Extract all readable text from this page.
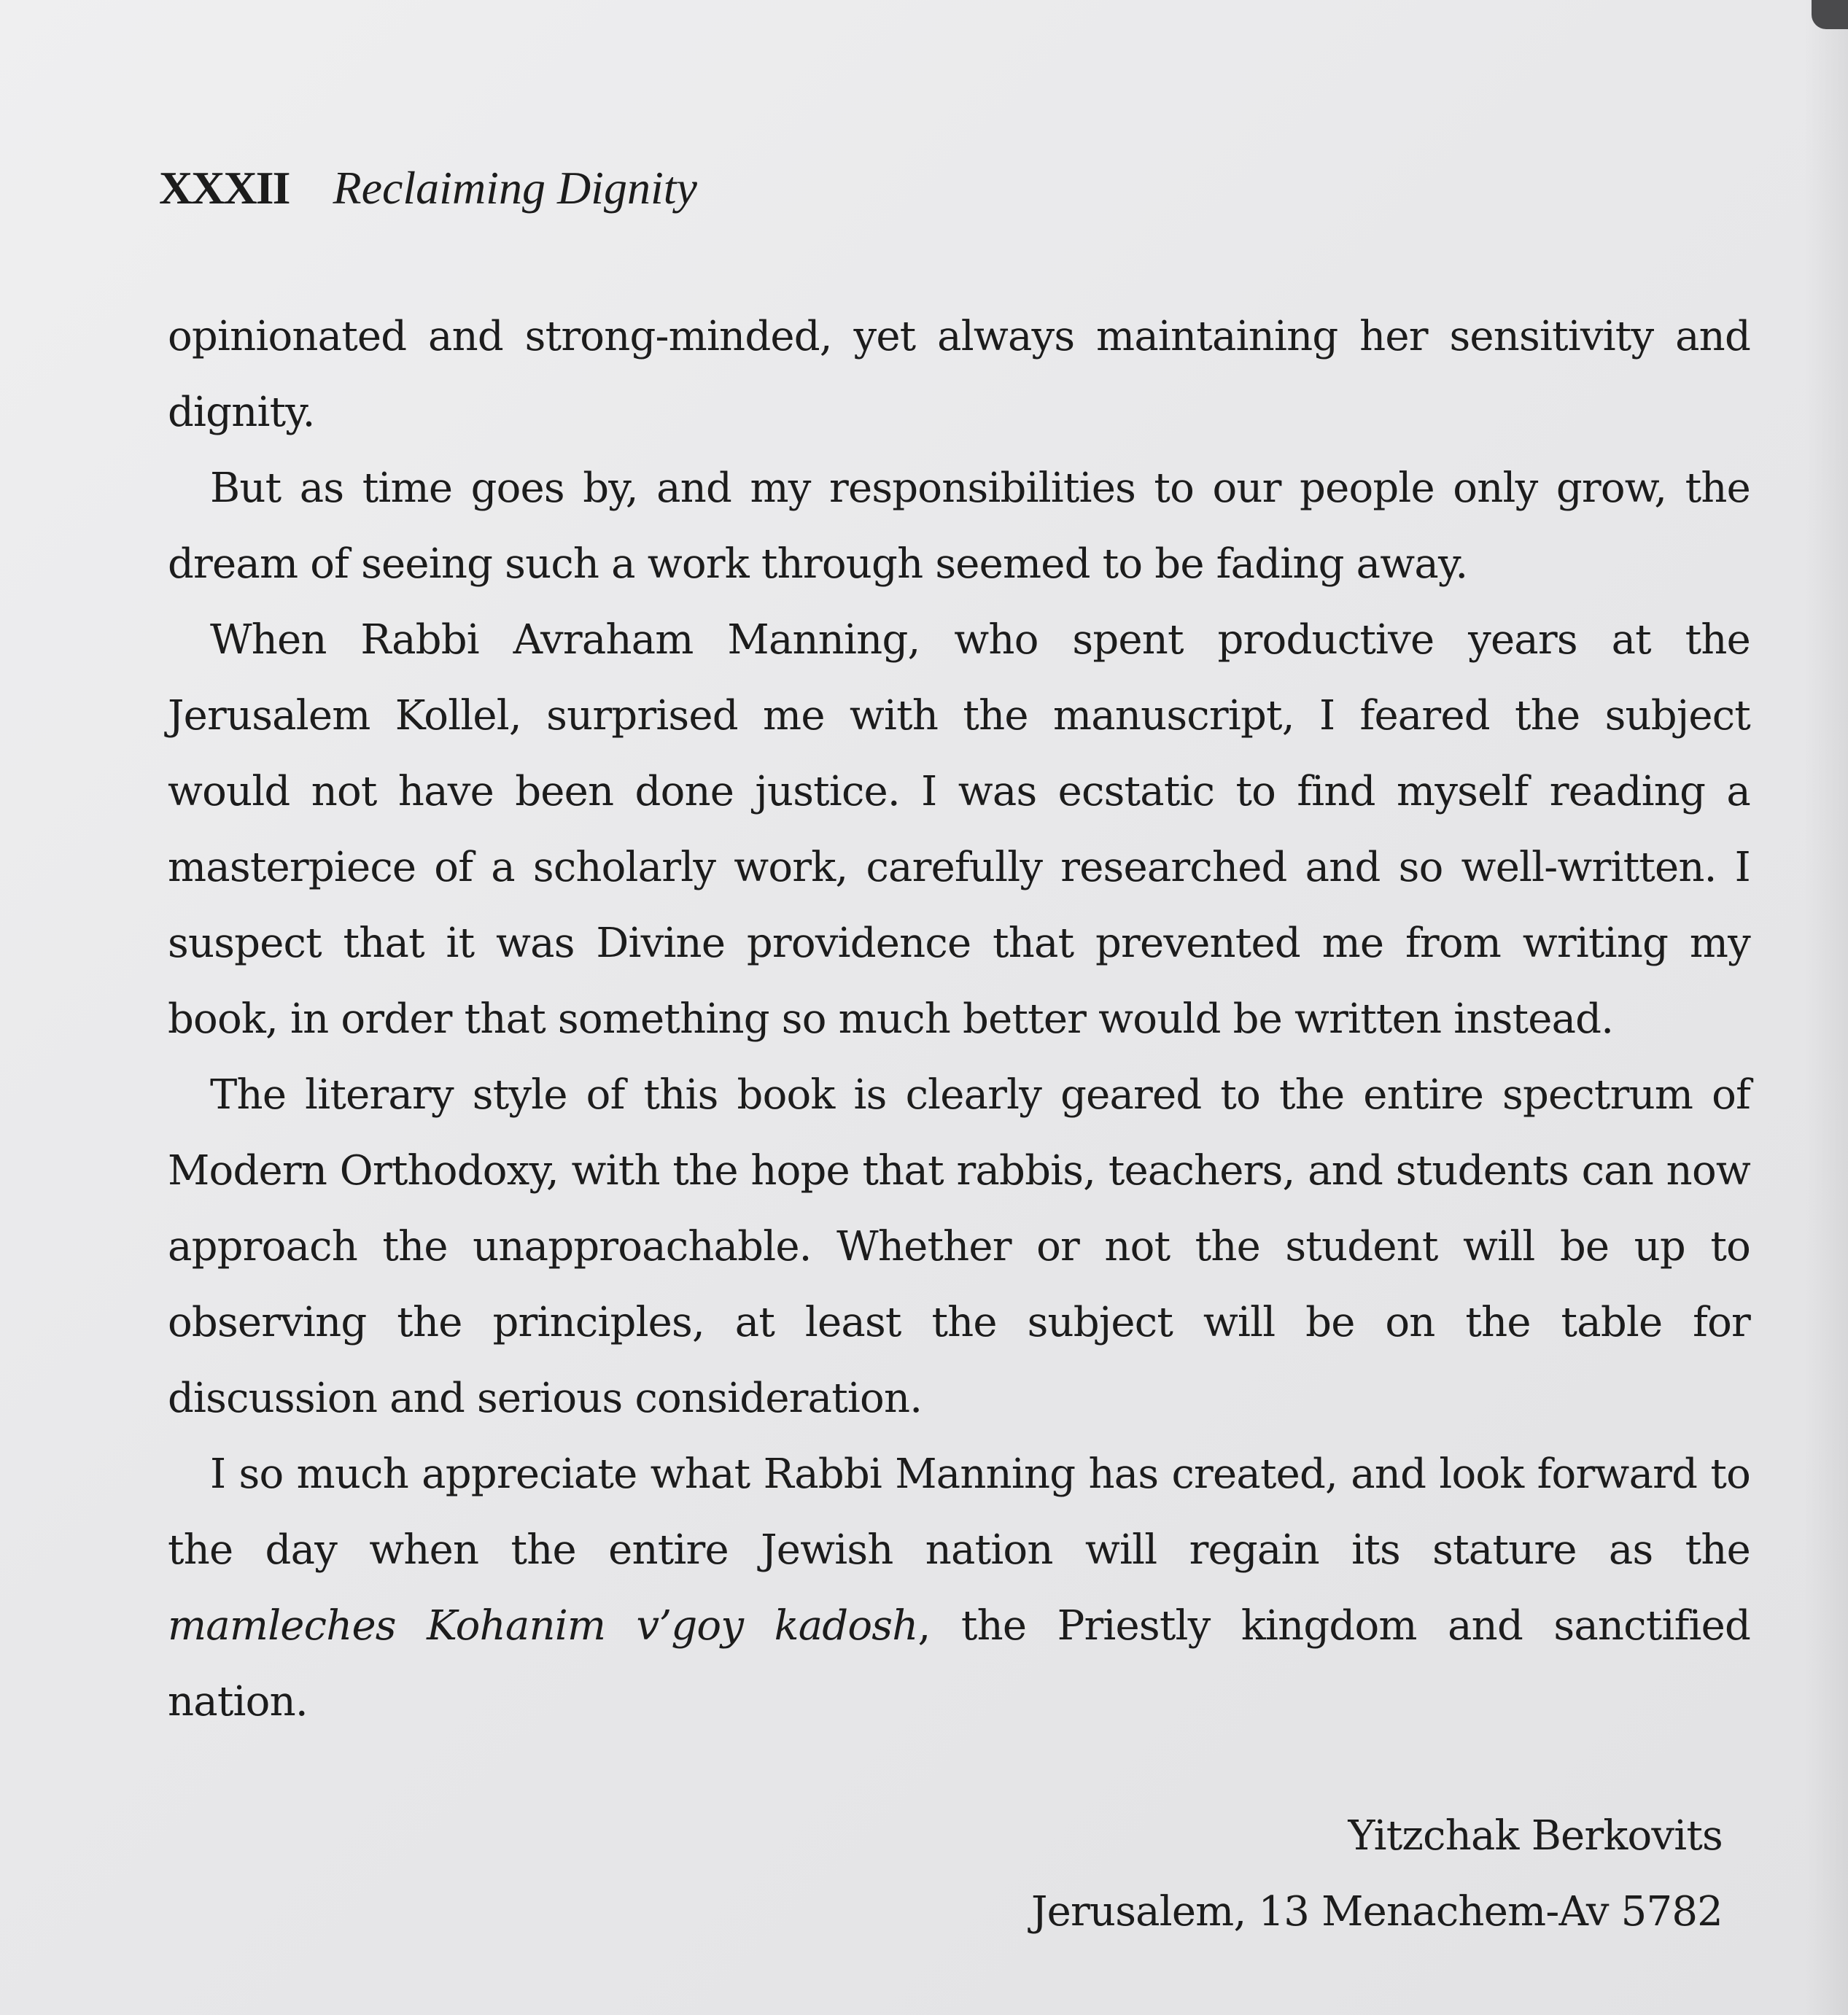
XXXII Reclaiming Dignity

opinionated and strong-minded, yet always maintaining her sensitivity and dignity.

But as time goes by, and my responsibilities to our people only grow, the dream of seeing such a work through seemed to be fading away.

When Rabbi Avraham Manning, who spent productive years at the Jerusalem Kollel, surprised me with the manuscript, I feared the subject would not have been done justice. I was ecstatic to find myself reading a masterpiece of a scholarly work, carefully researched and so well-written. I suspect that it was Divine providence that prevented me from writing my book, in order that something so much better would be written instead.

The literary style of this book is clearly geared to the entire spectrum of Modern Orthodoxy, with the hope that rabbis, teachers, and students can now approach the unapproachable. Whether or not the student will be up to observing the principles, at least the subject will be on the table for discussion and serious consideration.

I so much appreciate what Rabbi Manning has created, and look forward to the day when the entire Jewish nation will regain its stature as the mamleches Kohanim v’goy kadosh, the Priestly kingdom and sanctified nation.

Yitzchak Berkovits
Jerusalem, 13 Menachem-Av 5782
